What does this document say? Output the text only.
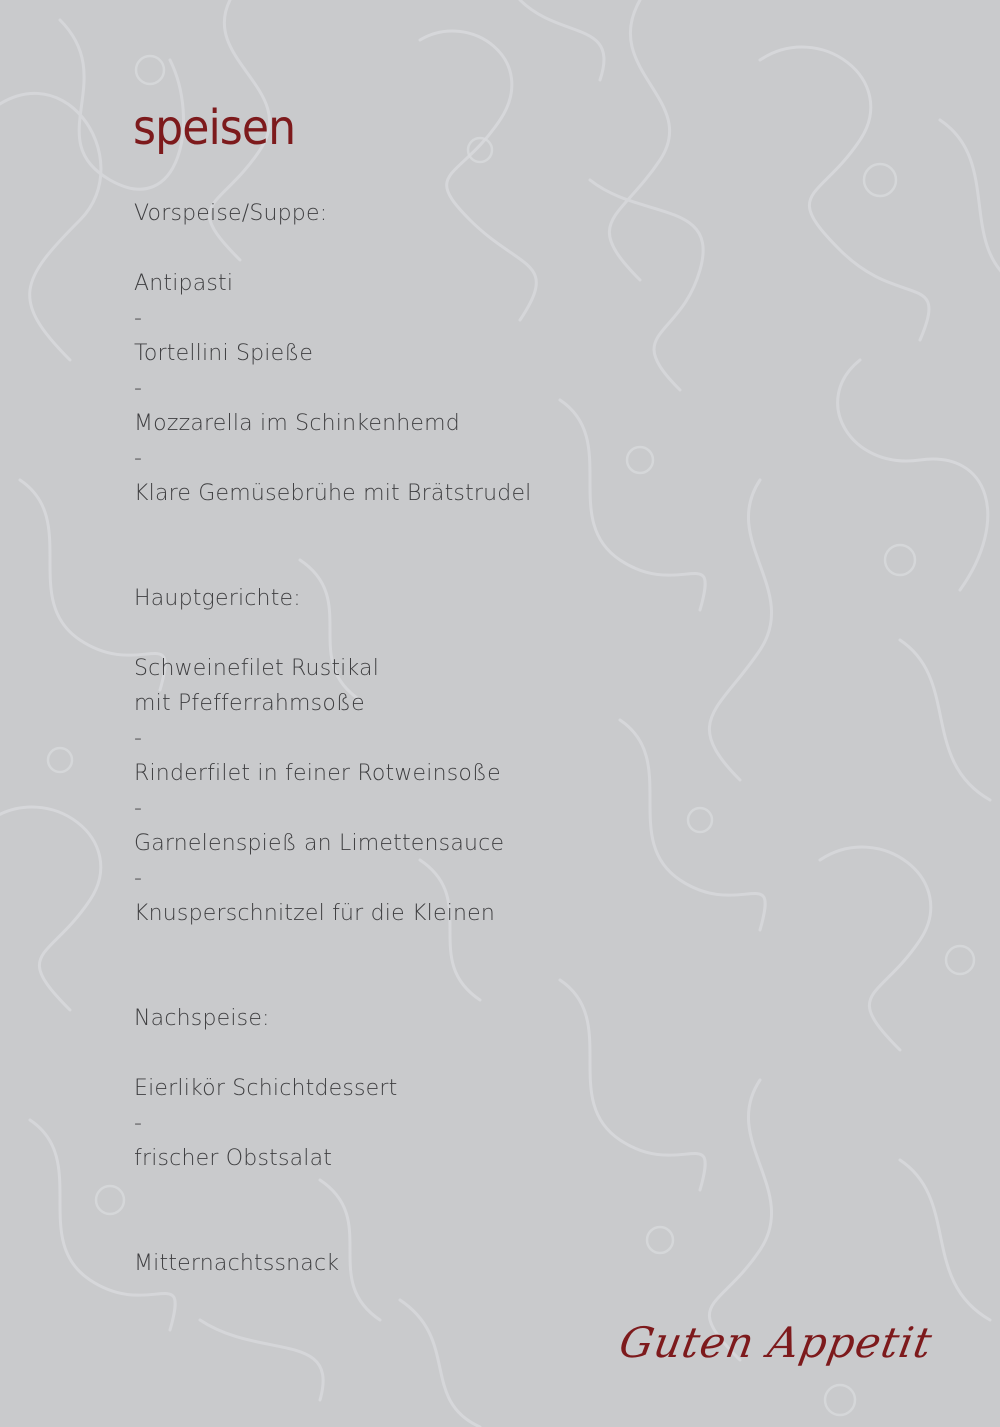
speisen
Vorspeise/Suppe:
Antipasti
-
Tortellini Spieße
-
Mozzarella im Schinkenhemd
-
Klare Gemüsebrühe mit Brätstrudel
Hauptgerichte:
Schweinefilet Rustikal
mit Pfefferrahmsoße
-
Rinderfilet in feiner Rotweinsoße
-
Garnelenspieß an Limettensauce
-
Knusperschnitzel für die Kleinen
Nachspeise:
Eierlikör Schichtdessert
-
frischer Obstsalat
Mitternachtssnack
Guten Appetit
